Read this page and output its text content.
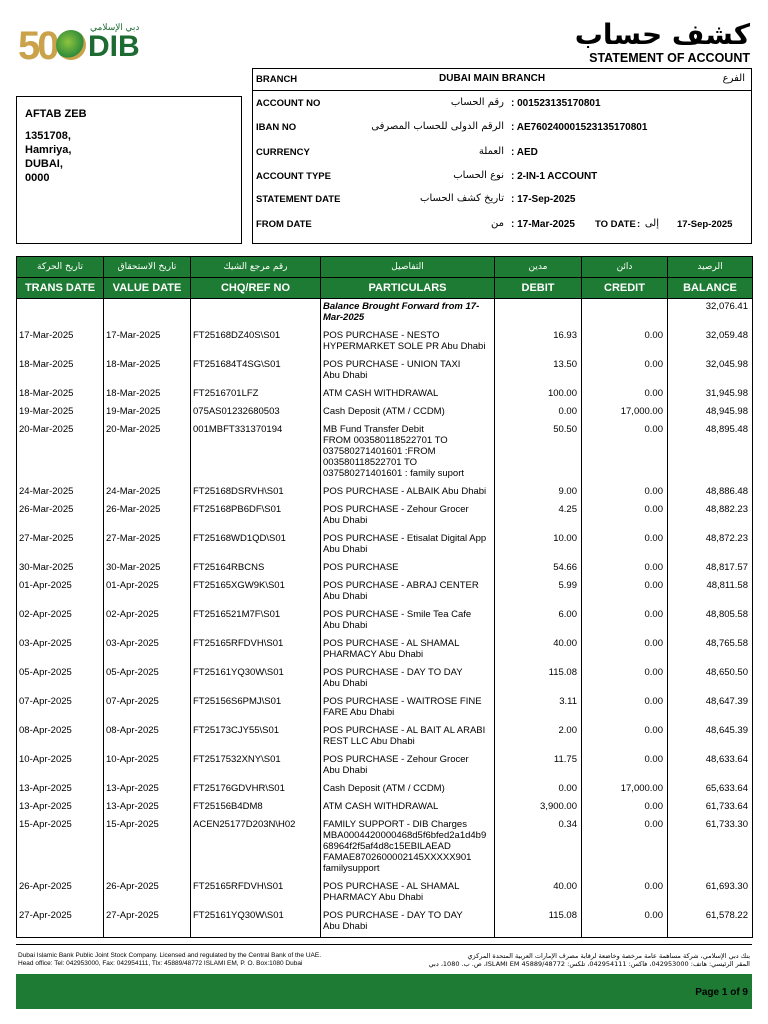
50	دبي الإسلامي
DIB	كشف حساب
STATEMENT OF ACCOUNT
AFTAB ZEB
1351708,
Hamriya,
DUBAI,
0000
BRANCH	DUBAI MAIN BRANCH	الفرع
ACCOUNT NO	رقم الحساب : 001523135170801
IBAN NO	الرقم الدولى للحساب المصرفى : AE760240001523135170801
CURRENCY	العملة : AED
ACCOUNT TYPE	نوع الحساب : 2-IN-1 ACCOUNT
STATEMENT DATE	تاريخ كشف الحساب : 17-Sep-2025
FROM DATE	من : 17-Mar-2025 TO DATE : إلى 17-Sep-2025
تاريخ الحركة	تاريخ الاستحقاق	رقم مرجع الشيك	التفاصيل	مدين	دائن	الرصيد
TRANS DATE	VALUE DATE	CHQ/REF NO	PARTICULARS	DEBIT	CREDIT	BALANCE
			Balance Brought Forward from 17-Mar-2025			32,076.41
17-Mar-2025	17-Mar-2025	FT25168DZ40S\S01	POS PURCHASE - NESTO
HYPERMARKET SOLE PR Abu Dhabi	16.93	0.00	32,059.48
18-Mar-2025	18-Mar-2025	FT251684T4SG\S01	POS PURCHASE - UNION TAXI
Abu Dhabi	13.50	0.00	32,045.98
18-Mar-2025	18-Mar-2025	FT2516701LFZ	ATM CASH WITHDRAWAL	100.00	0.00	31,945.98
19-Mar-2025	19-Mar-2025	075AS01232680503	Cash Deposit (ATM / CCDM)	0.00	17,000.00	48,945.98
20-Mar-2025	20-Mar-2025	001MBFT331370194	MB Fund Transfer Debit
FROM 003580118522701 TO
037580271401601 :FROM
003580118522701 TO
037580271401601 : family suport	50.50	0.00	48,895.48
24-Mar-2025	24-Mar-2025	FT25168DSRVH\S01	POS PURCHASE - ALBAIK Abu Dhabi	9.00	0.00	48,886.48
26-Mar-2025	26-Mar-2025	FT25168PB6DF\S01	POS PURCHASE - Zehour Grocer
Abu Dhabi	4.25	0.00	48,882.23
27-Mar-2025	27-Mar-2025	FT25168WD1QD\S01	POS PURCHASE - Etisalat Digital App
Abu Dhabi	10.00	0.00	48,872.23
30-Mar-2025	30-Mar-2025	FT25164RBCNS	POS PURCHASE	54.66	0.00	48,817.57
01-Apr-2025	01-Apr-2025	FT25165XGW9K\S01	POS PURCHASE - ABRAJ CENTER
Abu Dhabi	5.99	0.00	48,811.58
02-Apr-2025	02-Apr-2025	FT2516521M7F\S01	POS PURCHASE - Smile Tea Cafe
Abu Dhabi	6.00	0.00	48,805.58
03-Apr-2025	03-Apr-2025	FT25165RFDVH\S01	POS PURCHASE - AL SHAMAL
PHARMACY Abu Dhabi	40.00	0.00	48,765.58
05-Apr-2025	05-Apr-2025	FT25161YQ30W\S01	POS PURCHASE - DAY TO DAY
Abu Dhabi	115.08	0.00	48,650.50
07-Apr-2025	07-Apr-2025	FT25156S6PMJ\S01	POS PURCHASE - WAITROSE FINE
FARE Abu Dhabi	3.11	0.00	48,647.39
08-Apr-2025	08-Apr-2025	FT25173CJY55\S01	POS PURCHASE - AL BAIT AL ARABI
REST LLC Abu Dhabi	2.00	0.00	48,645.39
10-Apr-2025	10-Apr-2025	FT2517532XNY\S01	POS PURCHASE - Zehour Grocer
Abu Dhabi	11.75	0.00	48,633.64
13-Apr-2025	13-Apr-2025	FT25176GDVHR\S01	Cash Deposit (ATM / CCDM)	0.00	17,000.00	65,633.64
13-Apr-2025	13-Apr-2025	FT25156B4DM8	ATM CASH WITHDRAWAL	3,900.00	0.00	61,733.64
15-Apr-2025	15-Apr-2025	ACEN25177D203N\H02	FAMILY SUPPORT - DIB Charges
MBA0004420000468d5f6bfed2a1d4b9
68964f2f5af4d8c15EBILAEAD
FAMAE8702600002145XXXXX901
familysupport	0.34	0.00	61,733.30
26-Apr-2025	26-Apr-2025	FT25165RFDVH\S01	POS PURCHASE - AL SHAMAL
PHARMACY Abu Dhabi	40.00	0.00	61,693.30
27-Apr-2025	27-Apr-2025	FT25161YQ30W\S01	POS PURCHASE - DAY TO DAY
Abu Dhabi	115.08	0.00	61,578.22
Dubai Islamic Bank Public Joint Stock Company. Licensed and regulated by the Central Bank of the UAE.
Head office: Tel: 042953000, Fax: 042954111, Tlx: 45889/48772 ISLAMI EM, P. O. Box:1080 Dubai
بنك دبي الإسلامي، شركة مساهمة عامة مرخصة وخاضعة لرقابة مصرف الإمارات العربية المتحدة المركزي
المقر الرئيسي: هاتف: 042953000، فاكس: 042954111، تلكس: ISLAMI EM 45889/48772، ص. ب. 1080، دبي
Page 1 of 9
